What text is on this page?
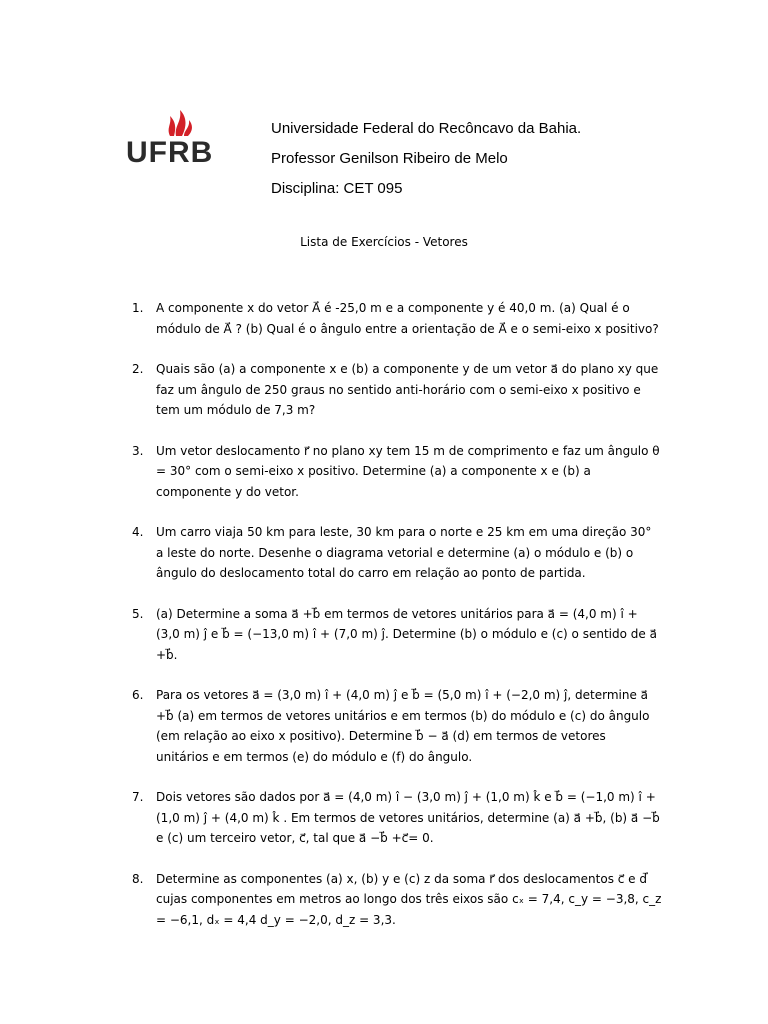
UFRB
Universidade Federal do Recôncavo da Bahia.
Professor Genilson Ribeiro de Melo
Disciplina: CET 095
Lista de Exercícios - Vetores
1. A componente x do vetor A⃗ é -25,0 m e a componente y é 40,0 m. (a) Qual é o módulo de A⃗ ? (b) Qual é o ângulo entre a orientação de A⃗ e o semi-eixo x positivo?
2. Quais são (a) a componente x e (b) a componente y de um vetor a⃗ do plano xy que faz um ângulo de 250 graus no sentido anti-horário com o semi-eixo x positivo e tem um módulo de 7,3 m?
3. Um vetor deslocamento r⃗ no plano xy tem 15 m de comprimento e faz um ângulo θ = 30° com o semi-eixo x positivo. Determine (a) a componente x e (b) a componente y do vetor.
4. Um carro viaja 50 km para leste, 30 km para o norte e 25 km em uma direção 30° a leste do norte. Desenhe o diagrama vetorial e determine (a) o módulo e (b) o ângulo do deslocamento total do carro em relação ao ponto de partida.
5. (a) Determine a soma a⃗ +b⃗ em termos de vetores unitários para a⃗ = (4,0 m) î + (3,0 m) ĵ e b⃗ = (−13,0 m) î + (7,0 m) ĵ. Determine (b) o módulo e (c) o sentido de a⃗ +b⃗.
6. Para os vetores a⃗ = (3,0 m) î + (4,0 m) ĵ e b⃗ = (5,0 m) î + (−2,0 m) ĵ, determine a⃗ +b⃗ (a) em termos de vetores unitários e em termos (b) do módulo e (c) do ângulo (em relação ao eixo x positivo). Determine b⃗ − a⃗ (d) em termos de vetores unitários e em termos (e) do módulo e (f) do ângulo.
7. Dois vetores são dados por a⃗ = (4,0 m) î − (3,0 m) ĵ + (1,0 m) k̂ e b⃗ = (−1,0 m) î + (1,0 m) ĵ + (4,0 m) k̂ . Em termos de vetores unitários, determine (a) a⃗ +b⃗, (b) a⃗ −b⃗ e (c) um terceiro vetor, c⃗, tal que a⃗ −b⃗ +c⃗= 0.
8. Determine as componentes (a) x, (b) y e (c) z da soma r⃗ dos deslocamentos c⃗ e d⃗ cujas componentes em metros ao longo dos três eixos são cₓ = 7,4, c_y = −3,8, c_z = −6,1, dₓ = 4,4 d_y = −2,0, d_z = 3,3.
